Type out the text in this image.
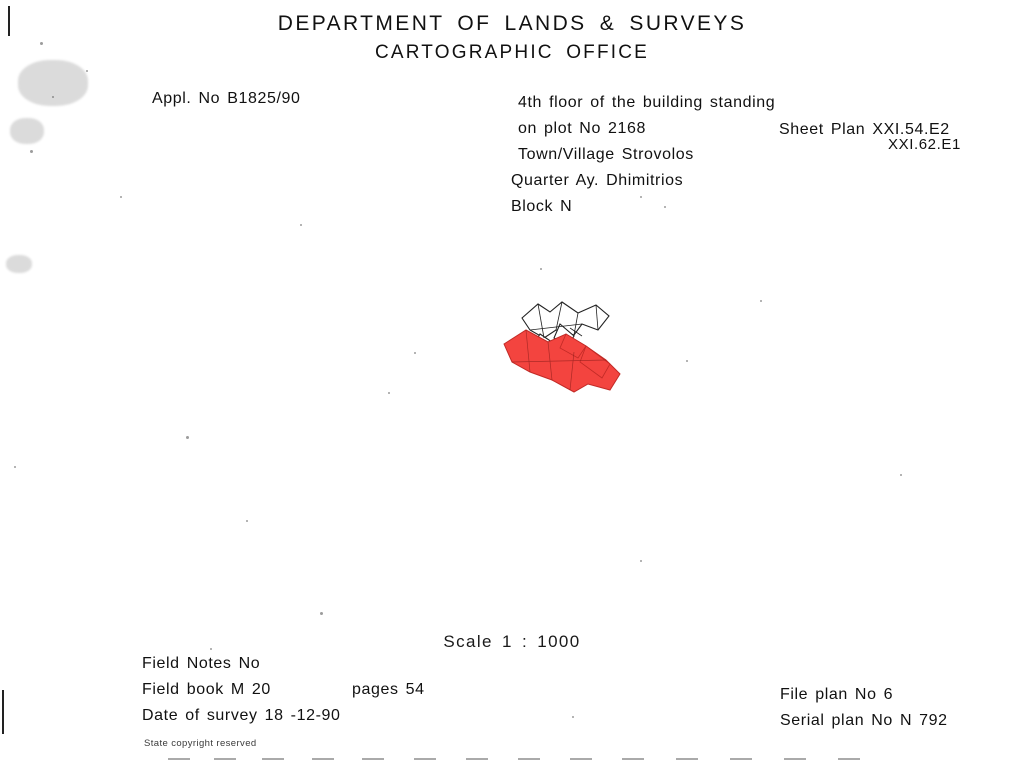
DEPARTMENT OF LANDS & SURVEYS
CARTOGRAPHIC OFFICE
Appl. No B1825/90	4th floor of the building standing
on plot No 2168
Town/Village Strovolos
Quarter Ay. Dhimitrios
Block N
Sheet Plan XXI.54.E2
XXI.62.E1
Scale 1 : 1000
Field Notes No
Field book M 20	pages 54
Date of survey 18 -12-90
File plan No 6
Serial plan No N 792
State copyright reserved
